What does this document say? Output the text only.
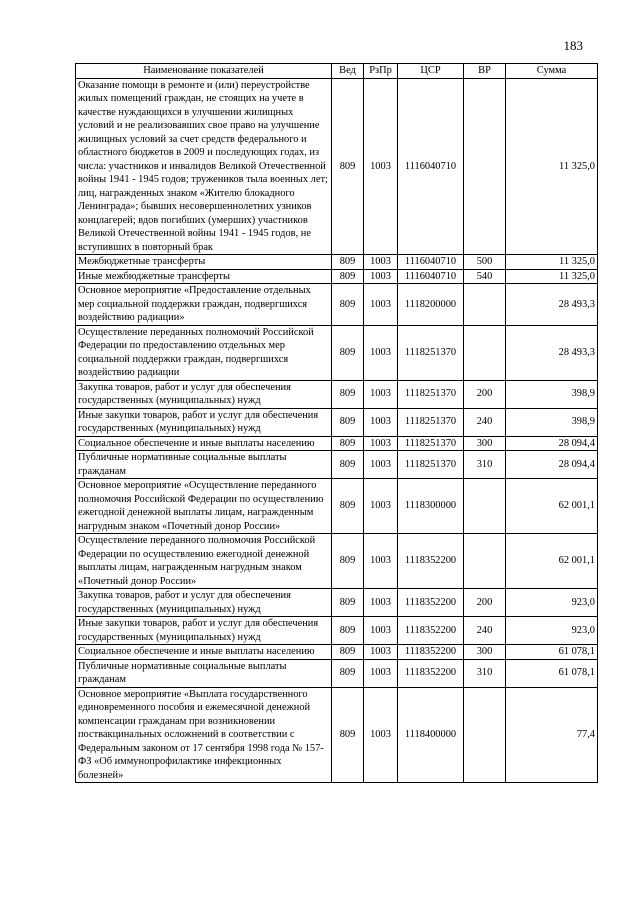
183
Наименование показателей	Вед	РзПр	ЦСР	ВР	Сумма
Оказание помощи в ремонте и (или) переустройстве жилых помещений граждан, не стоящих на учете в качестве нуждающихся в улучшении жилищных условий и не реализовавших свое право на улучшение жилищных условий за счет средств федерального и областного бюджетов в 2009 и последующих годах, из числа: участников и инвалидов Великой Отечественной войны 1941 - 1945 годов; тружеников тыла военных лет; лиц, награжденных знаком «Жителю блокадного Ленинграда»; бывших несовершеннолетних узников концлагерей; вдов погибших (умерших) участников Великой Отечественной войны 1941 - 1945 годов, не вступивших в повторный брак	809	1003	1116040710		11 325,0
Межбюджетные трансферты	809	1003	1116040710	500	11 325,0
Иные межбюджетные трансферты	809	1003	1116040710	540	11 325,0
Основное мероприятие «Предоставление отдельных мер социальной поддержки граждан, подвергшихся воздействию радиации»	809	1003	1118200000		28 493,3
Осуществление переданных полномочий Российской Федерации по предоставлению отдельных мер социальной поддержки граждан, подвергшихся воздействию радиации	809	1003	1118251370		28 493,3
Закупка товаров, работ и услуг для обеспечения государственных (муниципальных) нужд	809	1003	1118251370	200	398,9
Иные закупки товаров, работ и услуг для обеспечения государственных (муниципальных) нужд	809	1003	1118251370	240	398,9
Социальное обеспечение и иные выплаты населению	809	1003	1118251370	300	28 094,4
Публичные нормативные социальные выплаты гражданам	809	1003	1118251370	310	28 094,4
Основное мероприятие «Осуществление переданного полномочия Российской Федерации по осуществлению ежегодной денежной выплаты лицам, награжденным нагрудным знаком «Почетный донор России»	809	1003	1118300000		62 001,1
Осуществление переданного полномочия Российской Федерации по осуществлению ежегодной денежной выплаты лицам, награжденным нагрудным знаком «Почетный донор России»	809	1003	1118352200		62 001,1
Закупка товаров, работ и услуг для обеспечения государственных (муниципальных) нужд	809	1003	1118352200	200	923,0
Иные закупки товаров, работ и услуг для обеспечения государственных (муниципальных) нужд	809	1003	1118352200	240	923,0
Социальное обеспечение и иные выплаты населению	809	1003	1118352200	300	61 078,1
Публичные нормативные социальные выплаты гражданам	809	1003	1118352200	310	61 078,1
Основное мероприятие «Выплата государственного единовременного пособия и ежемесячной денежной компенсации гражданам при возникновении поствакцинальных осложнений в соответствии с Федеральным законом от 17 сентября 1998 года № 157-ФЗ «Об иммунопрофилактике инфекционных болезней»	809	1003	1118400000		77,4
